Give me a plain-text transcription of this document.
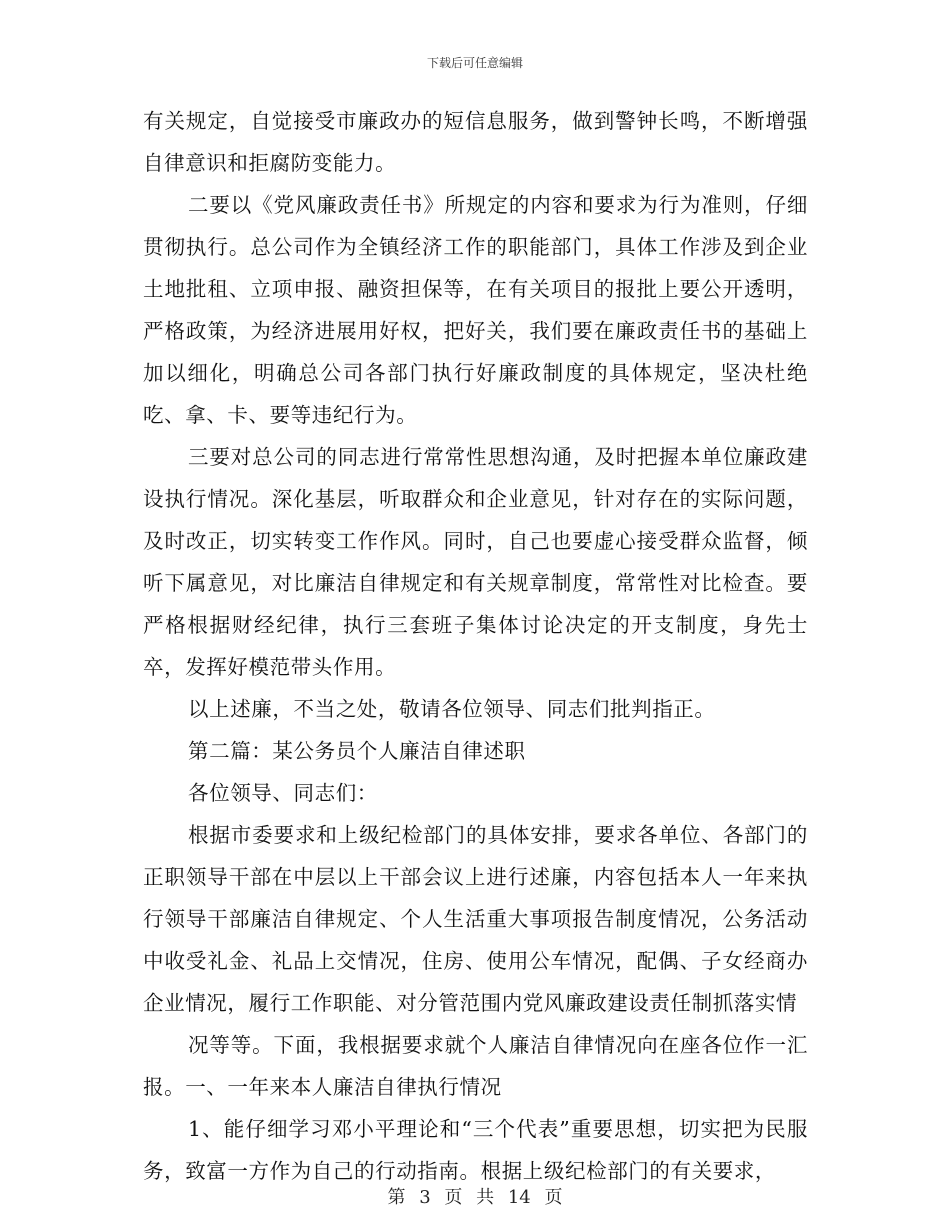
下载后可任意编辑

有关规定，自觉接受市廉政办的短信息服务，做到警钟长鸣，不断增强自律意识和拒腐防变能力。

二要以《党风廉政责任书》所规定的内容和要求为行为准则，仔细贯彻执行。总公司作为全镇经济工作的职能部门，具体工作涉及到企业土地批租、立项申报、融资担保等，在有关项目的报批上要公开透明，严格政策，为经济进展用好权，把好关，我们要在廉政责任书的基础上加以细化，明确总公司各部门执行好廉政制度的具体规定，坚决杜绝吃、拿、卡、要等违纪行为。

三要对总公司的同志进行常常性思想沟通，及时把握本单位廉政建设执行情况。深化基层，听取群众和企业意见，针对存在的实际问题，及时改正，切实转变工作作风。同时，自己也要虚心接受群众监督，倾听下属意见，对比廉洁自律规定和有关规章制度，常常性对比检查。要严格根据财经纪律，执行三套班子集体讨论决定的开支制度，身先士卒，发挥好模范带头作用。

以上述廉，不当之处，敬请各位领导、同志们批判指正。

第二篇：某公务员个人廉洁自律述职

各位领导、同志们：

根据市委要求和上级纪检部门的具体安排，要求各单位、各部门的正职领导干部在中层以上干部会议上进行述廉，内容包括本人一年来执行领导干部廉洁自律规定、个人生活重大事项报告制度情况，公务活动中收受礼金、礼品上交情况，住房、使用公车情况，配偶、子女经商办企业情况，履行工作职能、对分管范围内党风廉政建设责任制抓落实情

况等等。下面，我根据要求就个人廉洁自律情况向在座各位作一汇报。一、一年来本人廉洁自律执行情况

1、能仔细学习邓小平理论和“三个代表”重要思想，切实把为民服务，致富一方作为自己的行动指南。根据上级纪检部门的有关要求，

第 3 页 共 14 页
